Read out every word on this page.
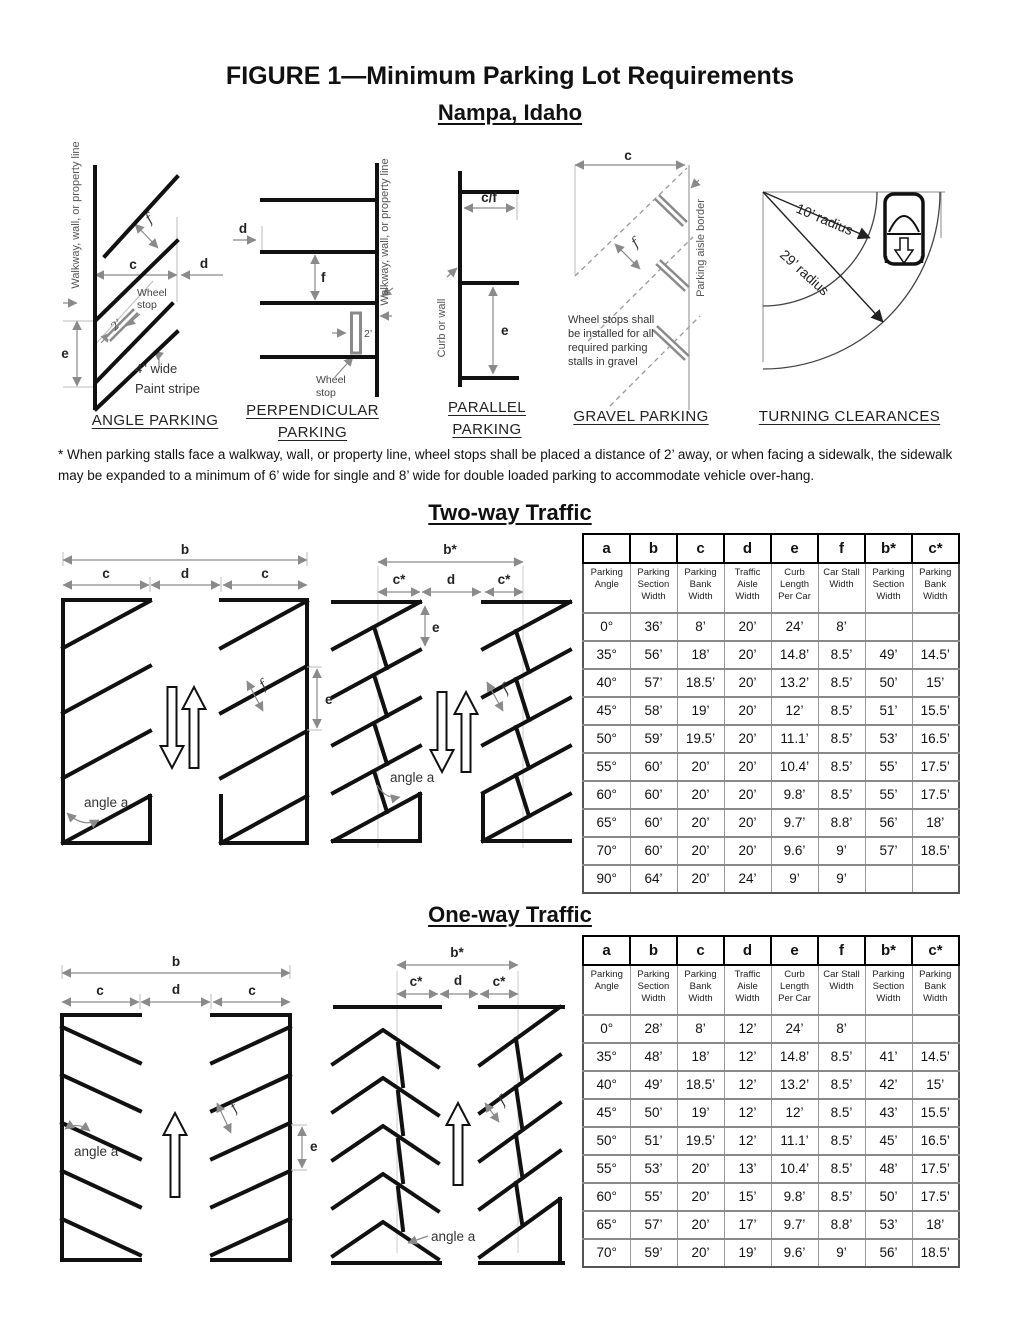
FIGURE 1—Minimum Parking Lot Requirements
Nampa, Idaho
Walkway, wall, or property line	f
c	d
e
2’
Wheel
stop
4" wide
Paint stripe
ANGLE PARKING
d
f
2’
Wheel
stop
Walkway, wall, or property line
PERPENDICULAR
PARKING
c/f
e
Curb or wall
PARALLEL
PARKING
c
f	Parking aisle border
Wheel stops shall
be installed for all
required parking
stalls in gravel
GRAVEL PARKING
10’ radius
29’ radius
TURNING CLEARANCES
* When parking stalls face a walkway, wall, or property line, wheel stops shall be placed a distance of 2’ away, or when facing a sidewalk, the sidewalk may be expanded to a minimum of 6’ wide for single and 8’ wide for double loaded parking to accommodate vehicle over-hang.
Two-way Traffic
b
c	d	c
angle a
f
e
b*
c*	d	c*
e
f
angle a
a	b	c	d	e	f	b*	c*
Parking Angle	Parking Section Width	Parking Bank Width	Traffic Aisle Width	Curb Length Per Car	Car Stall Width	Parking Section Width	Parking Bank Width
0°	36’	8’	20’	24’	8’		
35°	56’	18’	20’	14.8’	8.5’	49’	14.5’
40°	57’	18.5’	20’	13.2’	8.5’	50’	15’
45°	58’	19’	20’	12’	8.5’	51’	15.5’
50°	59’	19.5’	20’	11.1’	8.5’	53’	16.5’
55°	60’	20’	20’	10.4’	8.5’	55’	17.5’
60°	60’	20’	20’	9.8’	8.5’	55’	17.5’
65°	60’	20’	20’	9.7’	8.8’	56’	18’
70°	60’	20’	20’	9.6’	9’	57’	18.5’
90°	64’	20’	24’	9’	9’		
One-way Traffic
b
c	d	c
angle a
f
e
b*
c* d c*
f
angle a
a	b	c	d	e	f	b*	c*
Parking Angle	Parking Section Width	Parking Bank Width	Traffic Aisle Width	Curb Length Per Car	Car Stall Width	Parking Section Width	Parking Bank Width
0°	28’	8’	12’	24’	8’		
35°	48’	18’	12’	14.8’	8.5’	41’	14.5’
40°	49’	18.5’	12’	13.2’	8.5’	42’	15’
45°	50’	19’	12’	12’	8.5’	43’	15.5’
50°	51’	19.5’	12’	11.1’	8.5’	45’	16.5’
55°	53’	20’	13’	10.4’	8.5’	48’	17.5’
60°	55’	20’	15’	9.8’	8.5’	50’	17.5’
65°	57’	20’	17’	9.7’	8.8’	53’	18’
70°	59’	20’	19’	9.6’	9’	56’	18.5’
